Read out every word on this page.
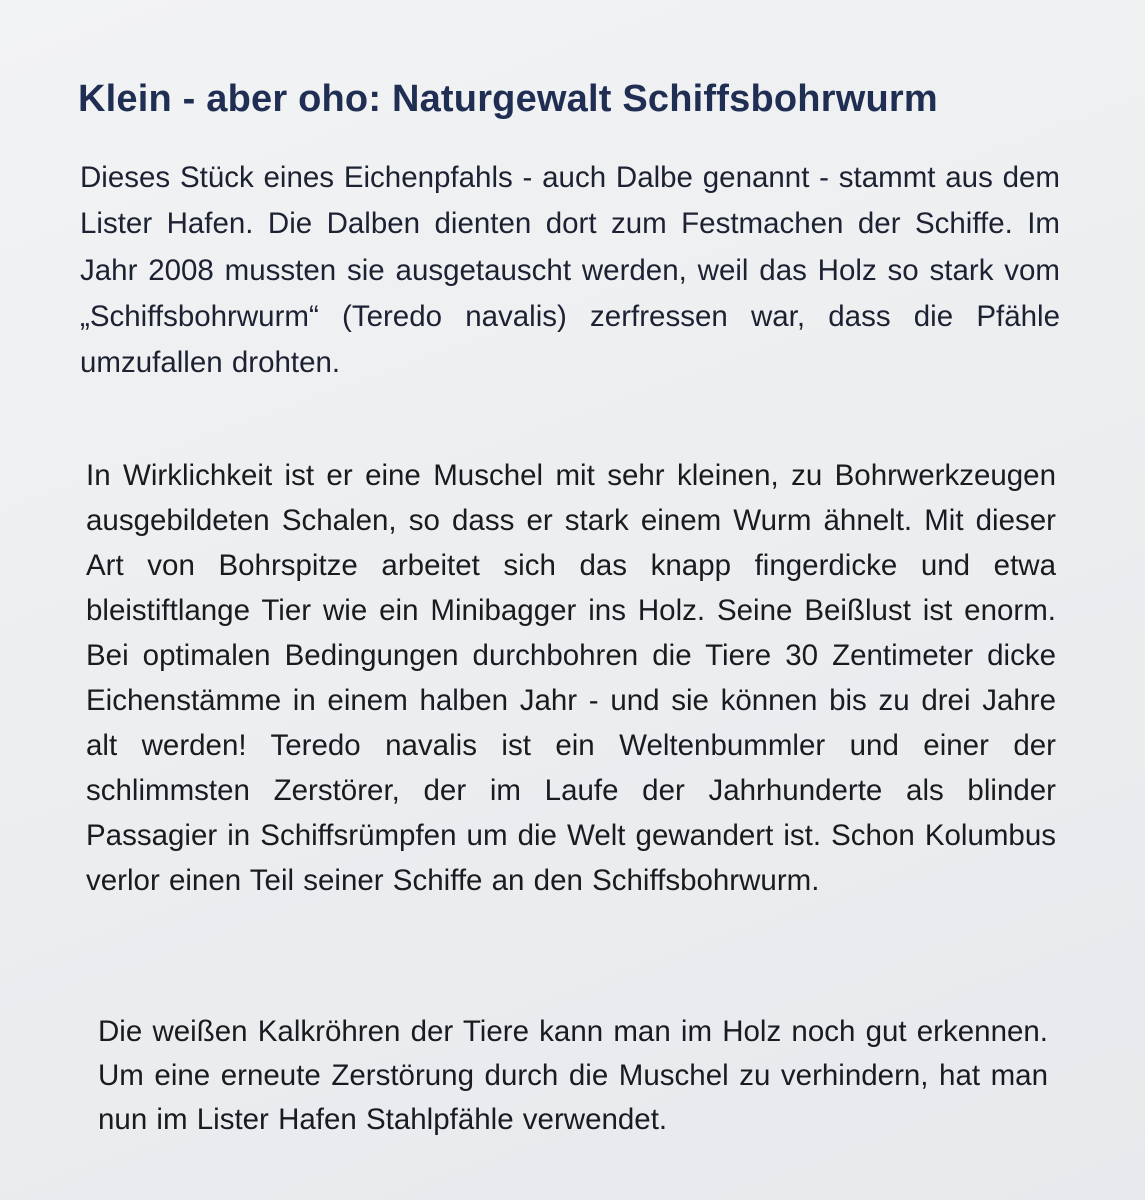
Klein - aber oho: Naturgewalt Schiffsbohrwurm

Dieses Stück eines Eichenpfahls - auch Dalbe genannt - stammt aus dem Lister Hafen. Die Dalben dienten dort zum Festmachen der Schiffe. Im Jahr 2008 mussten sie ausgetauscht werden, weil das Holz so stark vom „Schiffsbohrwurm“ (Teredo navalis) zerfressen war, dass die Pfähle umzufallen drohten.

In Wirklichkeit ist er eine Muschel mit sehr kleinen, zu Bohrwerkzeugen ausgebildeten Schalen, so dass er stark einem Wurm ähnelt. Mit dieser Art von Bohrspitze arbeitet sich das knapp fingerdicke und etwa bleistiftlange Tier wie ein Minibagger ins Holz. Seine Beißlust ist enorm. Bei optimalen Bedingungen durchbohren die Tiere 30 Zentimeter dicke Eichenstämme in einem halben Jahr - und sie können bis zu drei Jahre alt werden! Teredo navalis ist ein Weltenbummler und einer der schlimmsten Zerstörer, der im Laufe der Jahrhunderte als blinder Passagier in Schiffsrümpfen um die Welt gewandert ist. Schon Kolumbus verlor einen Teil seiner Schiffe an den Schiffsbohrwurm.

Die weißen Kalkröhren der Tiere kann man im Holz noch gut erkennen. Um eine erneute Zerstörung durch die Muschel zu verhindern, hat man nun im Lister Hafen Stahlpfähle verwendet.
